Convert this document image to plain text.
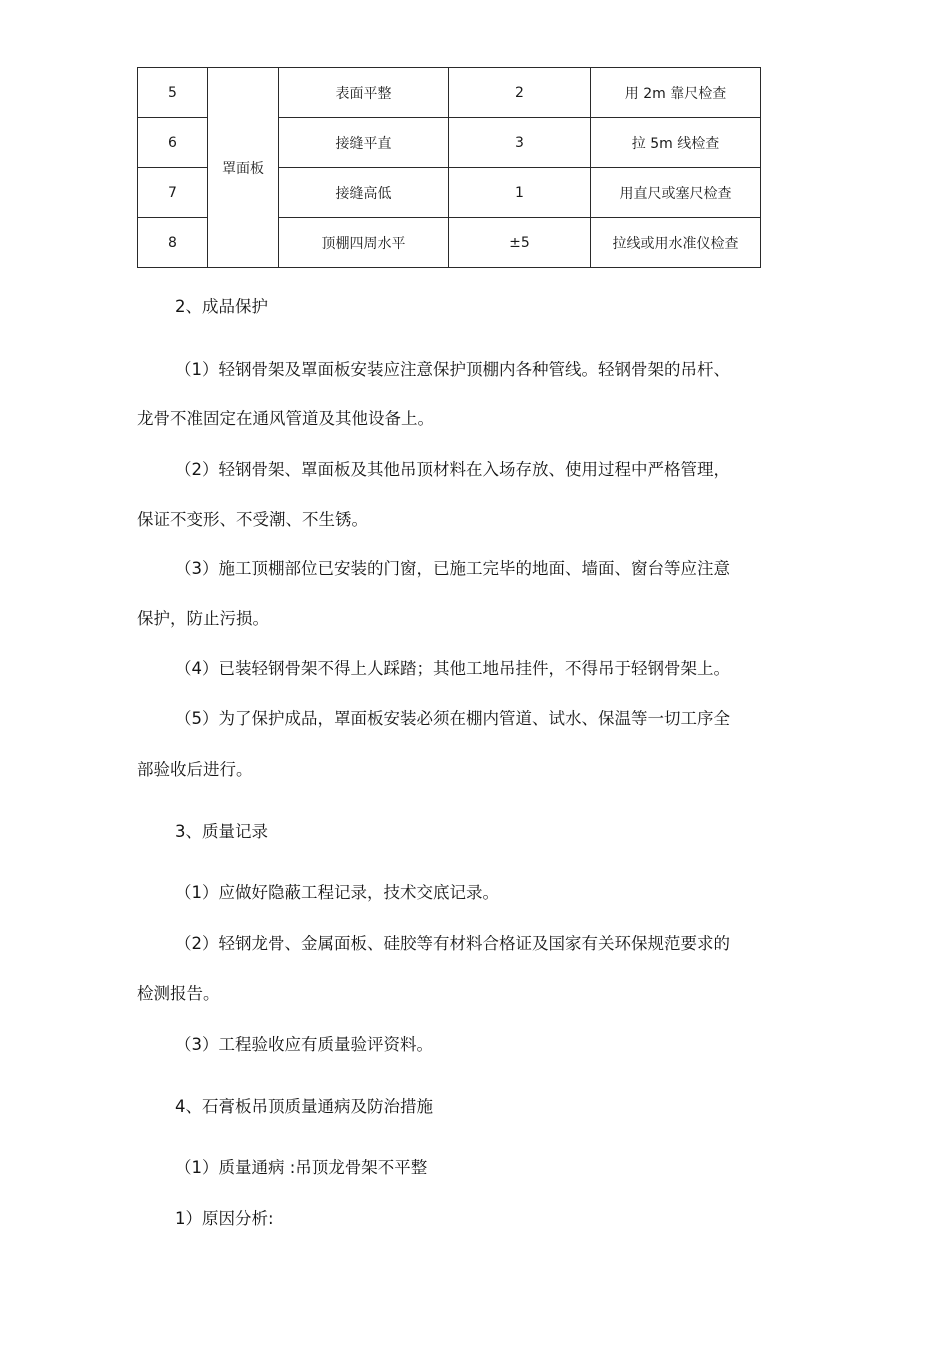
5	罩面板	表面平整	2	用 2m 靠尺检查
6		接缝平直	3	拉 5m 线检查
7		接缝高低	1	用直尺或塞尺检查
8		顶棚四周水平	±5	拉线或用水准仪检查
2、成品保护
（1）轻钢骨架及罩面板安装应注意保护顶棚内各种管线。轻钢骨架的吊杆、
龙骨不准固定在通风管道及其他设备上。
（2）轻钢骨架、罩面板及其他吊顶材料在入场存放、使用过程中严格管理，
保证不变形、不受潮、不生锈。
（3）施工顶棚部位已安装的门窗，已施工完毕的地面、墙面、窗台等应注意
保护，防止污损。
（4）已装轻钢骨架不得上人踩踏；其他工地吊挂件，不得吊于轻钢骨架上。
（5）为了保护成品，罩面板安装必须在棚内管道、试水、保温等一切工序全
部验收后进行。
3、质量记录
（1）应做好隐蔽工程记录，技术交底记录。
（2）轻钢龙骨、金属面板、硅胶等有材料合格证及国家有关环保规范要求的
检测报告。
（3）工程验收应有质量验评资料。
4、石膏板吊顶质量通病及防治措施
（1）质量通病 :吊顶龙骨架不平整
1）原因分析:
